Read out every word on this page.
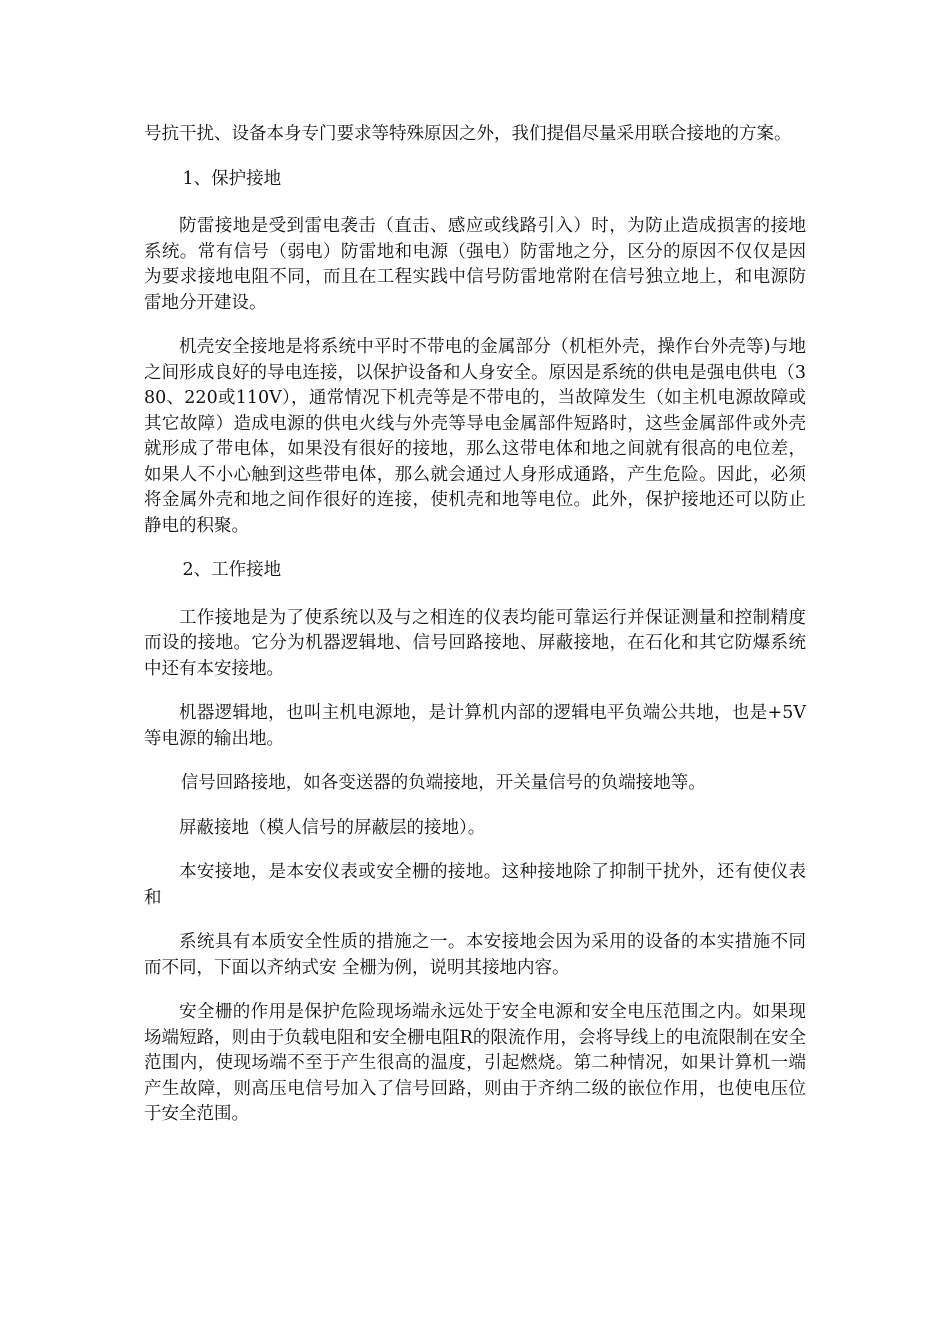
号抗干扰、设备本身专门要求等特殊原因之外，我们提倡尽量采用联合接地的方案。

1、保护接地

防雷接地是受到雷电袭击（直击、感应或线路引入）时，为防止造成损害的接地系统。常有信号（弱电）防雷地和电源（强电）防雷地之分，区分的原因不仅仅是因为要求接地电阻不同，而且在工程实践中信号防雷地常附在信号独立地上，和电源防雷地分开建设。

机壳安全接地是将系统中平时不带电的金属部分（机柜外壳，操作台外壳等)与地之间形成良好的导电连接，以保护设备和人身安全。原因是系统的供电是强电供电（380、220或110V），通常情况下机壳等是不带电的，当故障发生（如主机电源故障或其它故障）造成电源的供电火线与外壳等导电金属部件短路时，这些金属部件或外壳就形成了带电体，如果没有很好的接地，那么这带电体和地之间就有很高的电位差，如果人不小心触到这些带电体，那么就会通过人身形成通路，产生危险。因此，必须将金属外壳和地之间作很好的连接，使机壳和地等电位。此外，保护接地还可以防止静电的积聚。

2、工作接地

工作接地是为了使系统以及与之相连的仪表均能可靠运行并保证测量和控制精度而设的接地。它分为机器逻辑地、信号回路接地、屏蔽接地，在石化和其它防爆系统中还有本安接地。

机器逻辑地，也叫主机电源地，是计算机内部的逻辑电平负端公共地，也是+5V等电源的输出地。

信号回路接地，如各变送器的负端接地，开关量信号的负端接地等。

屏蔽接地（模人信号的屏蔽层的接地）。

本安接地，是本安仪表或安全栅的接地。这种接地除了抑制干扰外，还有使仪表和

系统具有本质安全性质的措施之一。本安接地会因为采用的设备的本实措施不同而不同，下面以齐纳式安 全栅为例，说明其接地内容。

安全栅的作用是保护危险现场端永远处于安全电源和安全电压范围之内。如果现场端短路，则由于负载电阻和安全栅电阻R的限流作用，会将导线上的电流限制在安全范围内，使现场端不至于产生很高的温度，引起燃烧。第二种情况，如果计算机一端产生故障，则高压电信号加入了信号回路，则由于齐纳二级的嵌位作用，也使电压位于安全范围。
